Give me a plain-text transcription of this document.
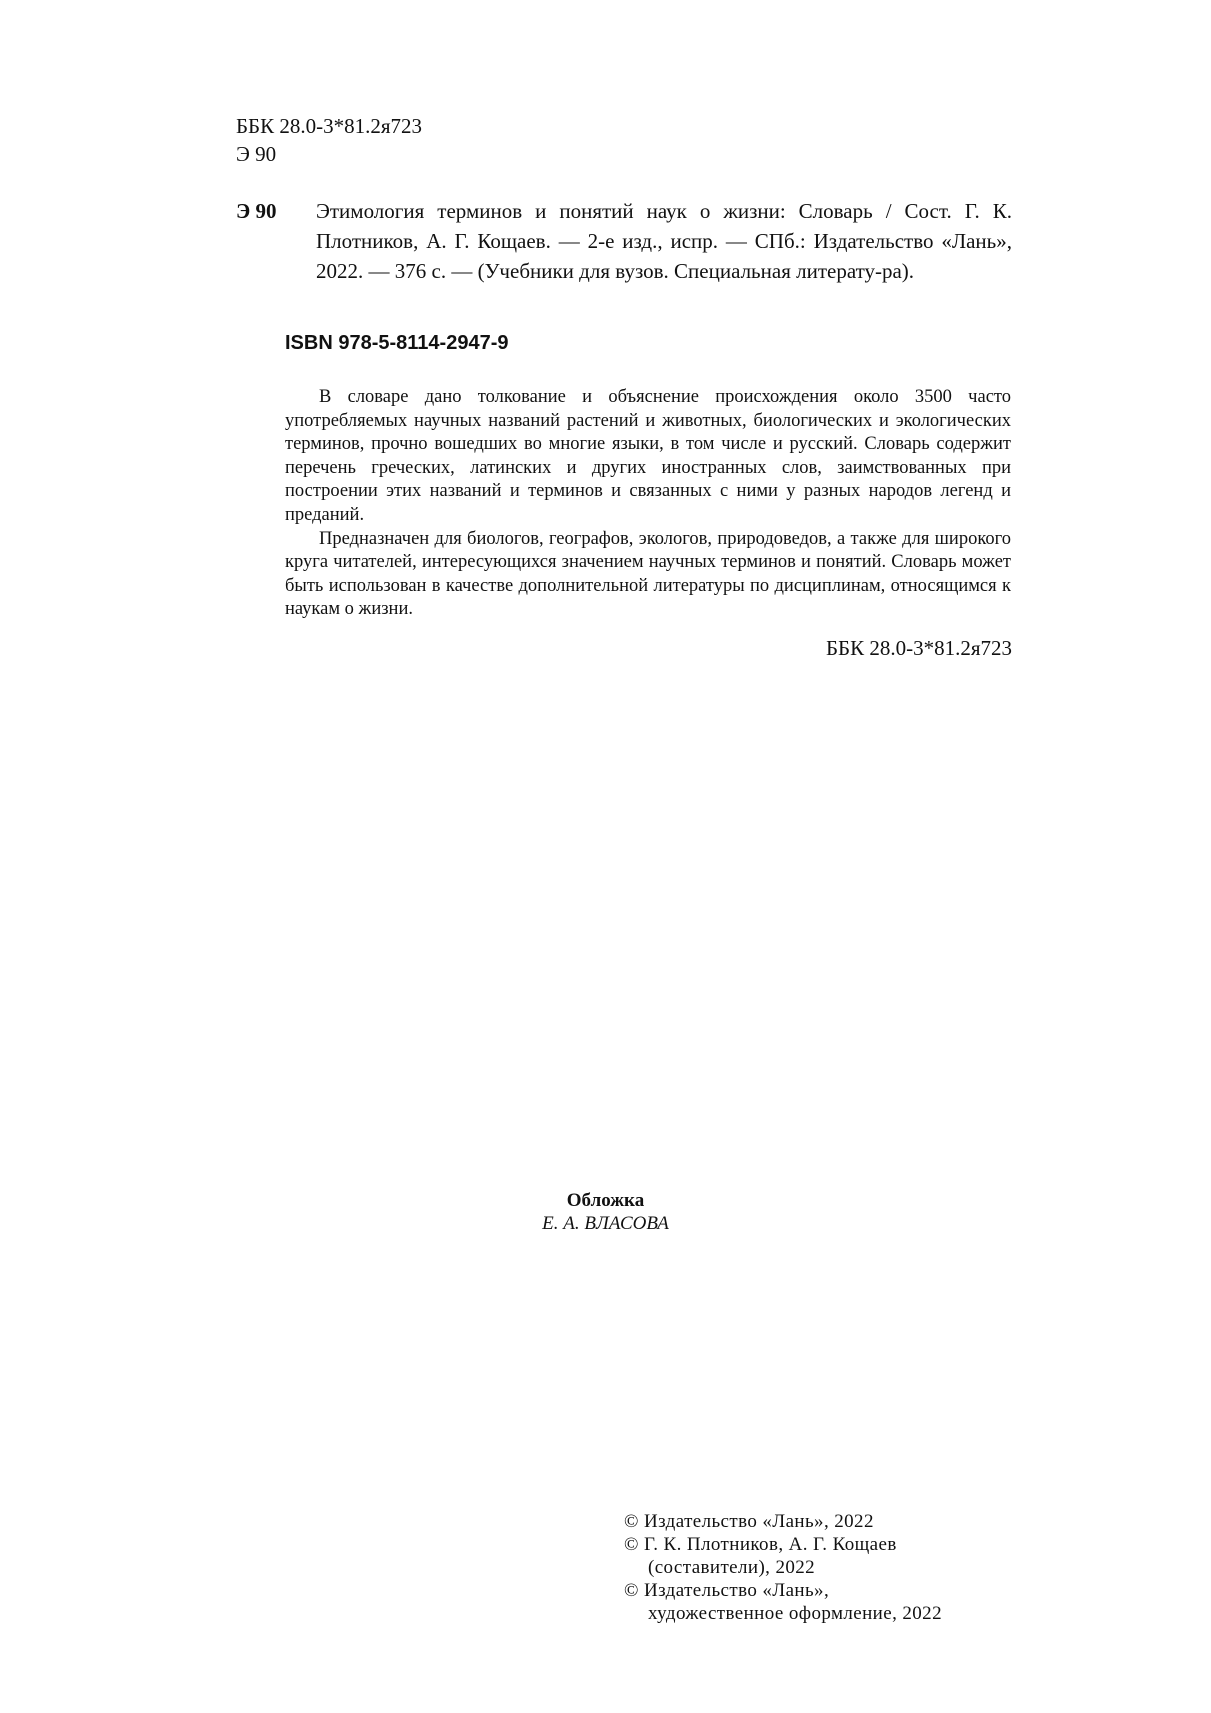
ББК 28.0-3*81.2я723
Э 90
Э 90 Этимология терминов и понятий наук о жизни: Словарь / Сост. Г. К. Плотников, А. Г. Кощаев. — 2-е изд., испр. — СПб.: Издательство «Лань», 2022. — 376 с. — (Учебники для вузов. Специальная литерату-ра).
ISBN 978-5-8114-2947-9

В словаре дано толкование и объяснение происхождения около 3500 часто употребляемых научных названий растений и животных, биологических и экологических терминов, прочно вошедших во многие языки, в том числе и русский. Словарь содержит перечень греческих, латинских и других иностранных слов, заимствованных при построении этих названий и терминов и связанных с ними у разных народов легенд и преданий.

Предназначен для биологов, географов, экологов, природоведов, а также для широкого круга читателей, интересующихся значением научных терминов и понятий. Словарь может быть использован в качестве дополнительной литературы по дисциплинам, относящимся к наукам о жизни.

ББК 28.0-3*81.2я723
Обложка
Е. А. ВЛАСОВА
© Издательство «Лань», 2022
© Г. К. Плотников, А. Г. Кощаев
(составители), 2022
© Издательство «Лань»,
художественное оформление, 2022
